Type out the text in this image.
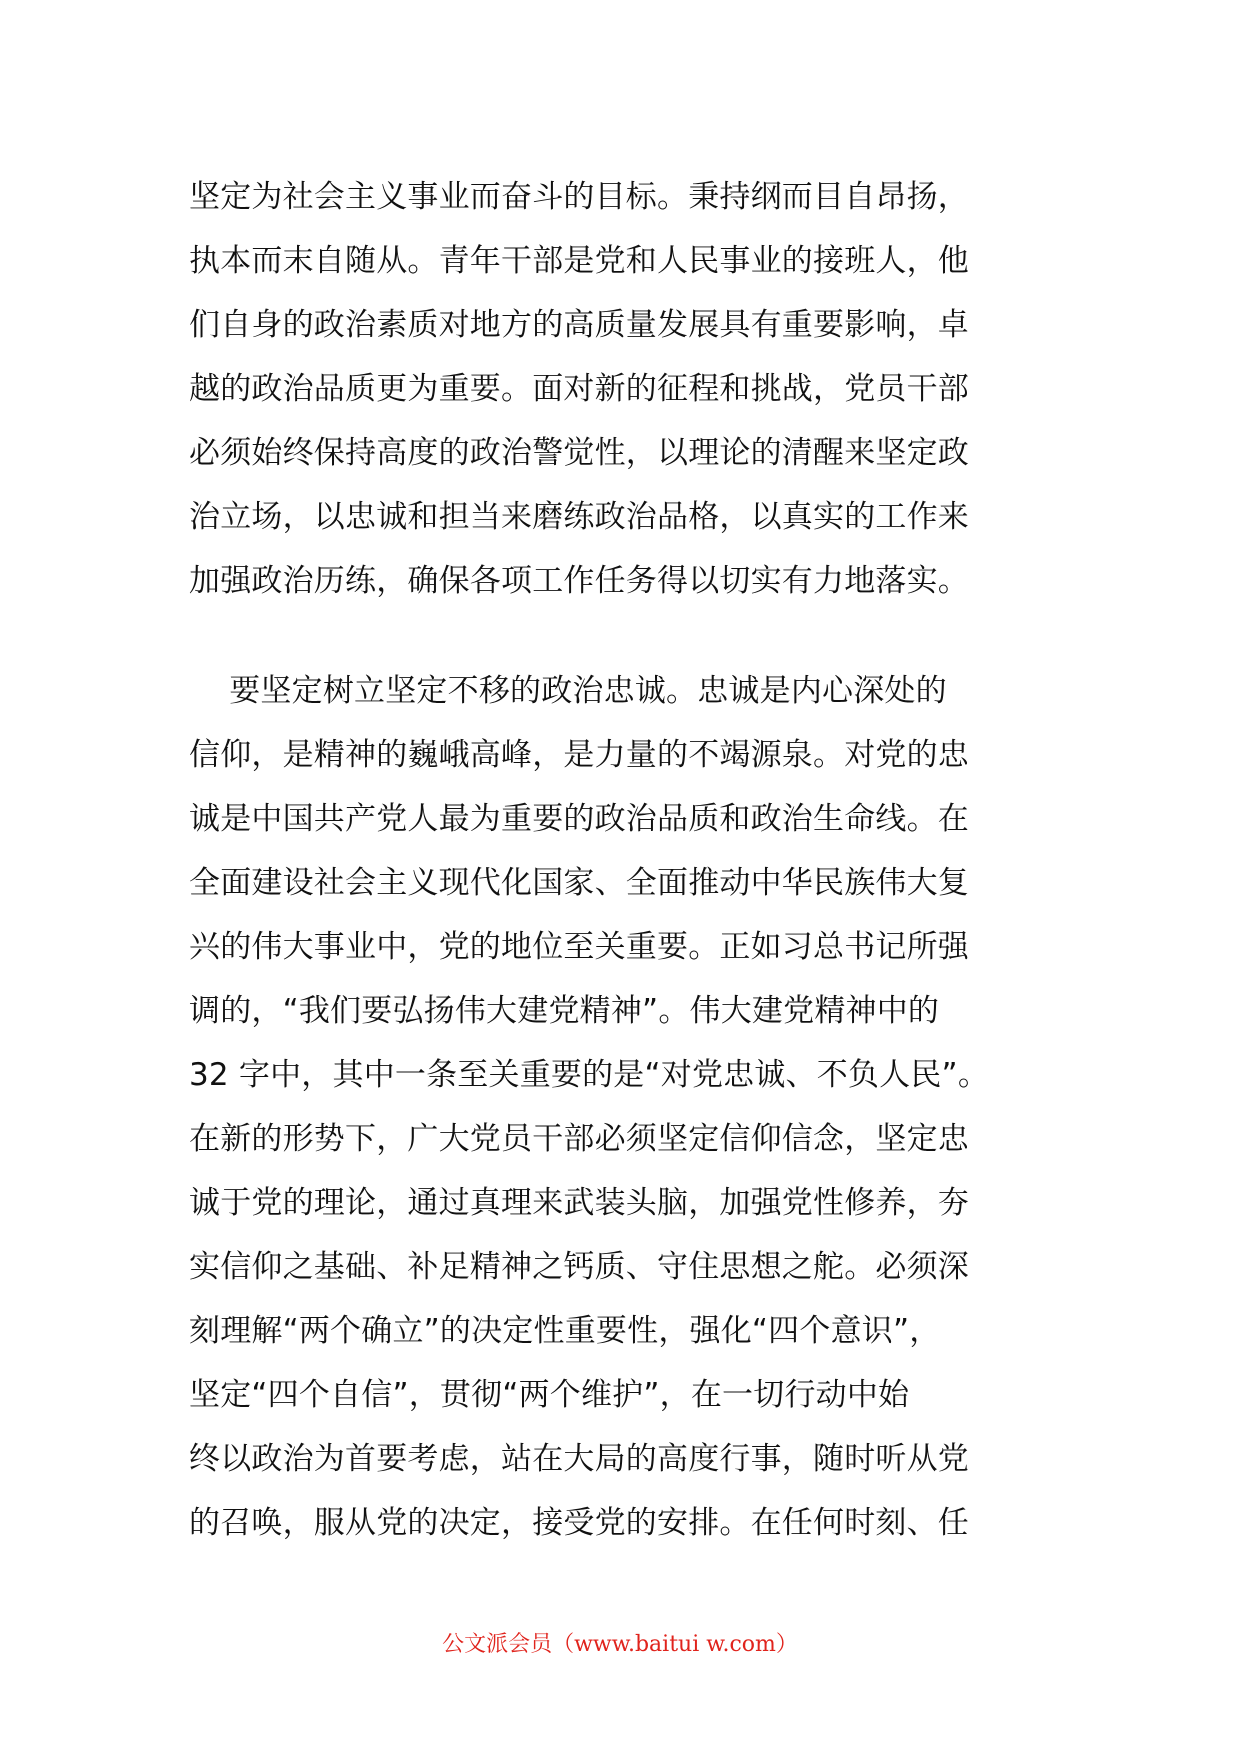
坚定为社会主义事业而奋斗的目标。秉持纲而目自昂扬，
执本而末自随从。青年干部是党和人民事业的接班人，他
们自身的政治素质对地方的高质量发展具有重要影响，卓
越的政治品质更为重要。面对新的征程和挑战，党员干部
必须始终保持高度的政治警觉性，以理论的清醒来坚定政
治立场，以忠诚和担当来磨练政治品格，以真实的工作来
加强政治历练，确保各项工作任务得以切实有力地落实。
要坚定树立坚定不移的政治忠诚。忠诚是内心深处的
信仰，是精神的巍峨高峰，是力量的不竭源泉。对党的忠
诚是中国共产党人最为重要的政治品质和政治生命线。在
全面建设社会主义现代化国家、全面推动中华民族伟大复
兴的伟大事业中，党的地位至关重要。正如习总书记所强
调的，“我们要弘扬伟大建党精神”。伟大建党精神中的
32 字中，其中一条至关重要的是“对党忠诚、不负人民”。
在新的形势下，广大党员干部必须坚定信仰信念，坚定忠
诚于党的理论，通过真理来武装头脑，加强党性修养，夯
实信仰之基础、补足精神之钙质、守住思想之舵。必须深
刻理解“两个确立”的决定性重要性，强化“四个意识”，
坚定“四个自信”，贯彻“两个维护”，在一切行动中始
终以政治为首要考虑，站在大局的高度行事，随时听从党
的召唤，服从党的决定，接受党的安排。在任何时刻、任
公文派会员（www.baitui w.com）
